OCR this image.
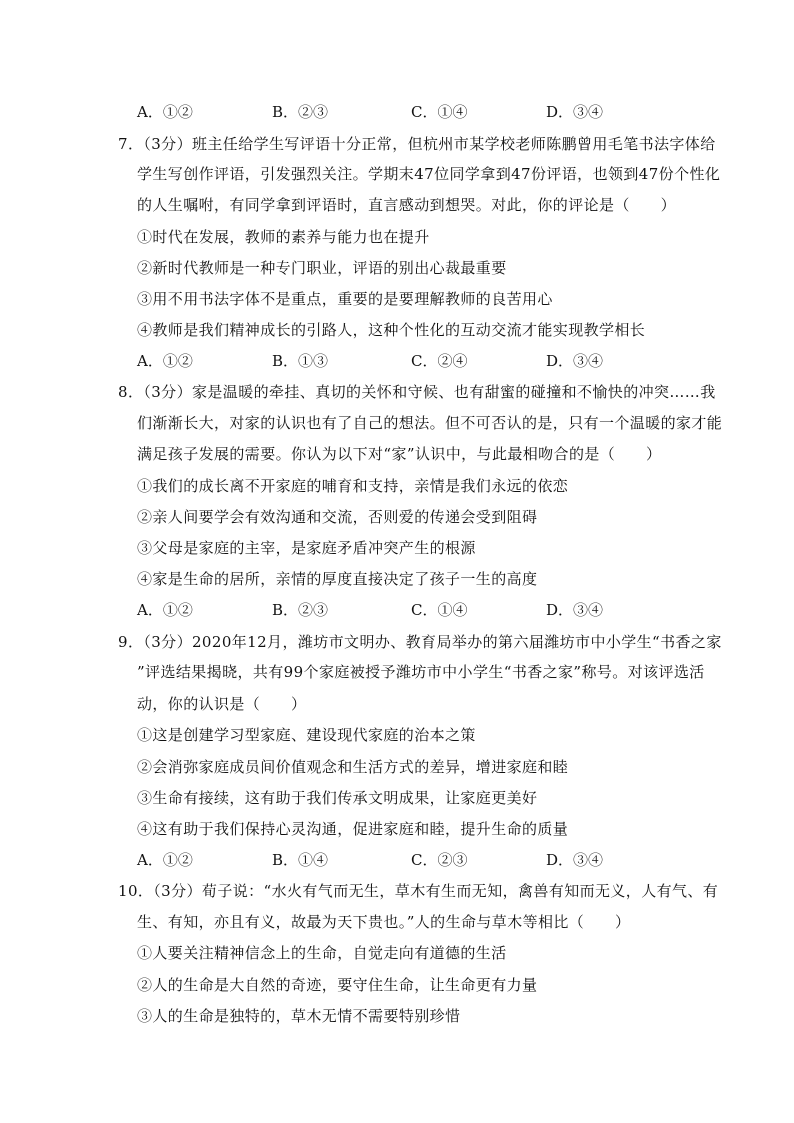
A．①②	B．②③	C．①④	D．③④
7．（3分）班主任给学生写评语十分正常，但杭州市某学校老师陈鹏曾用毛笔书法字体给
学生写创作评语，引发强烈关注。学期末47位同学拿到47份评语，也领到47份个性化
的人生嘱咐，有同学拿到评语时，直言感动到想哭。对此，你的评论是（　　）
①时代在发展，教师的素养与能力也在提升
②新时代教师是一种专门职业，评语的别出心裁最重要
③用不用书法字体不是重点，重要的是要理解教师的良苦用心
④教师是我们精神成长的引路人，这种个性化的互动交流才能实现教学相长
A．①②	B．①③	C．②④	D．③④
8．（3分）家是温暖的牵挂、真切的关怀和守候、也有甜蜜的碰撞和不愉快的冲突……我
们渐渐长大，对家的认识也有了自己的想法。但不可否认的是，只有一个温暖的家才能
满足孩子发展的需要。你认为以下对“家”认识中，与此最相吻合的是（　　）
①我们的成长离不开家庭的哺育和支持，亲情是我们永远的依恋
②亲人间要学会有效沟通和交流，否则爱的传递会受到阻碍
③父母是家庭的主宰，是家庭矛盾冲突产生的根源
④家是生命的居所，亲情的厚度直接决定了孩子一生的高度
A．①②	B．②③	C．①④	D．③④
9．（3分）2020年12月，潍坊市文明办、教育局举办的第六届潍坊市中小学生“书香之家
”评选结果揭晓，共有99个家庭被授予潍坊市中小学生“书香之家”称号。对该评选活
动，你的认识是（　　）
①这是创建学习型家庭、建设现代家庭的治本之策
②会消弥家庭成员间价值观念和生活方式的差异，增进家庭和睦
③生命有接续，这有助于我们传承文明成果，让家庭更美好
④这有助于我们保持心灵沟通，促进家庭和睦，提升生命的质量
A．①②	B．①④	C．②③	D．③④
10．（3分）荀子说：“水火有气而无生，草木有生而无知，禽兽有知而无义，人有气、有
生、有知，亦且有义，故最为天下贵也。”人的生命与草木等相比（　　）
①人要关注精神信念上的生命，自觉走向有道德的生活
②人的生命是大自然的奇迹，要守住生命，让生命更有力量
③人的生命是独特的，草木无情不需要特别珍惜
